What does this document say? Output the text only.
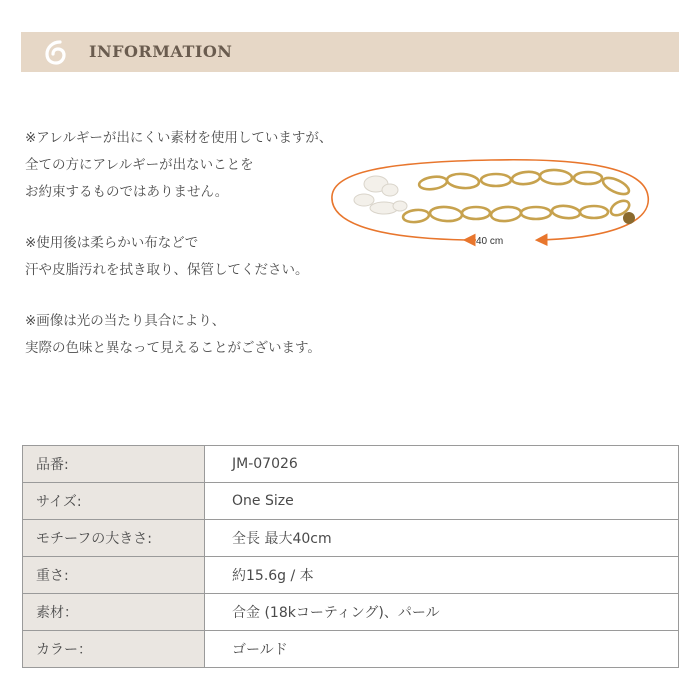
INFORMATION
※アレルギーが出にくい素材を使用していますが、
全ての方にアレルギーが出ないことを
お約束するものではありません。
※使用後は柔らかい布などで
汗や皮脂汚れを拭き取り、保管してください。
※画像は光の当たり具合により、
実際の色味と異なって見えることがございます。
40 cm
品番:	JM-07026
サイズ:	One Size
モチーフの大きさ:	全長 最大40cm
重さ:	約15.6g / 本
素材：	合金 (18kコーティング)、パール
カラー：	ゴールド
